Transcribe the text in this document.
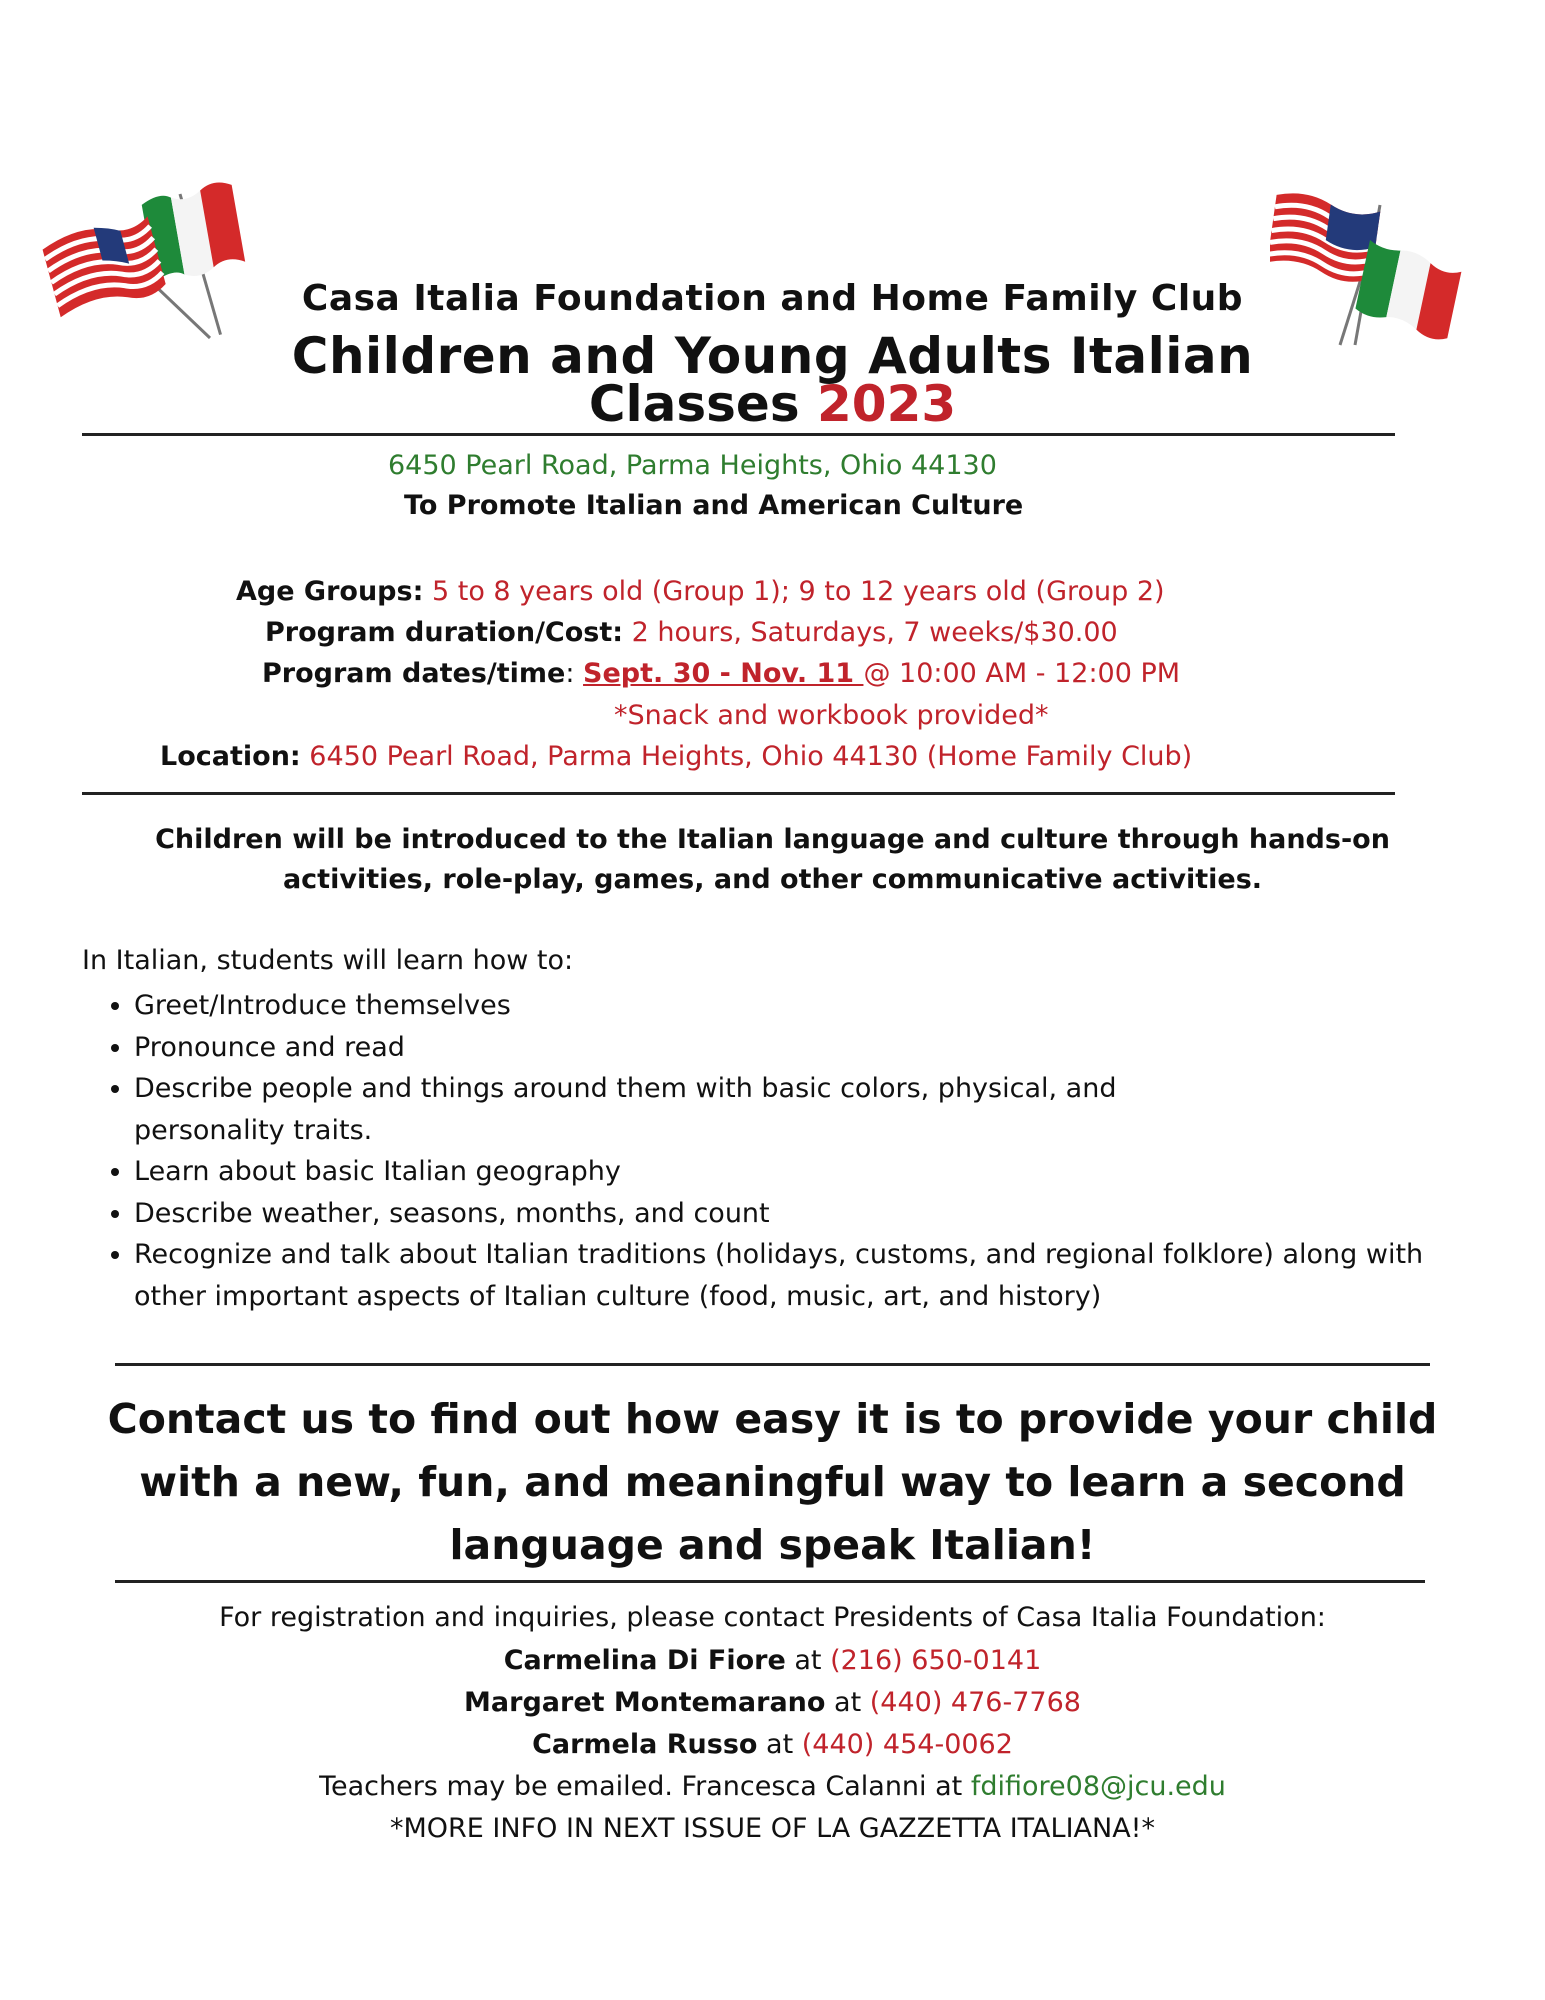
Casa Italia Foundation and Home Family Club
Children and Young Adults Italian
Classes 2023
6450 Pearl Road, Parma Heights, Ohio 44130
To Promote Italian and American Culture
Age Groups: 5 to 8 years old (Group 1); 9 to 12 years old (Group 2)
Program duration/Cost: 2 hours, Saturdays, 7 weeks/$30.00
Program dates/time: Sept. 30 - Nov. 11 @ 10:00 AM - 12:00 PM
*Snack and workbook provided*
Location: 6450 Pearl Road, Parma Heights, Ohio 44130 (Home Family Club)
Children will be introduced to the Italian language and culture through hands-on
activities, role-play, games, and other communicative activities.
In Italian, students will learn how to:
• Greet/Introduce themselves
• Pronounce and read
• Describe people and things around them with basic colors, physical, and personality traits.
• Learn about basic Italian geography
• Describe weather, seasons, months, and count
• Recognize and talk about Italian traditions (holidays, customs, and regional folklore) along with other important aspects of Italian culture (food, music, art, and history)
Contact us to find out how easy it is to provide your child
with a new, fun, and meaningful way to learn a second
language and speak Italian!
For registration and inquiries, please contact Presidents of Casa Italia Foundation:
Carmelina Di Fiore at (216) 650-0141
Margaret Montemarano at (440) 476-7768
Carmela Russo at (440) 454-0062
Teachers may be emailed. Francesca Calanni at fdifiore08@jcu.edu
*MORE INFO IN NEXT ISSUE OF LA GAZZETTA ITALIANA!*
